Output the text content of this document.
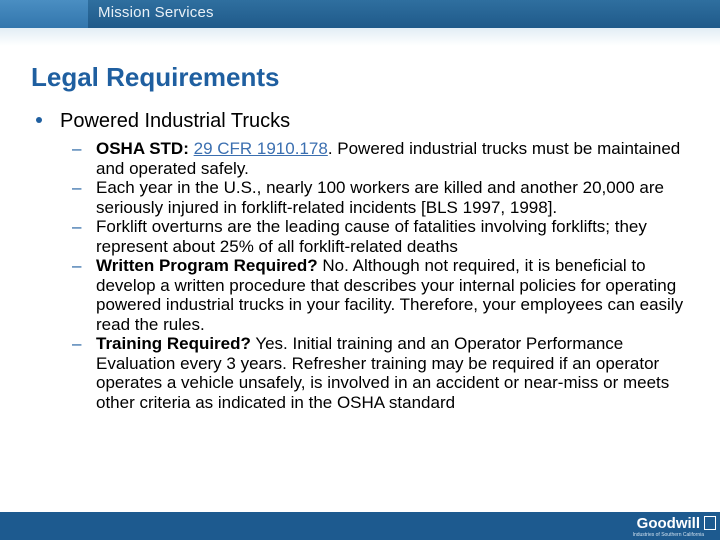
Mission Services
Legal Requirements
Powered Industrial Trucks
– OSHA STD: 29 CFR 1910.178. Powered industrial trucks must be maintained and operated safely.
– Each year in the U.S., nearly 100 workers are killed and another 20,000 are seriously injured in forklift-related incidents [BLS 1997, 1998].
– Forklift overturns are the leading cause of fatalities involving forklifts; they represent about 25% of all forklift-related deaths
– Written Program Required? No. Although not required, it is beneficial to develop a written procedure that describes your internal policies for operating powered industrial trucks in your facility. Therefore, your employees can easily read the rules.
– Training Required? Yes. Initial training and an Operator Performance Evaluation every 3 years. Refresher training may be required if an operator operates a vehicle unsafely, is involved in an accident or near-miss or meets other criteria as indicated in the OSHA standard
Goodwill
Industries of Southern California
